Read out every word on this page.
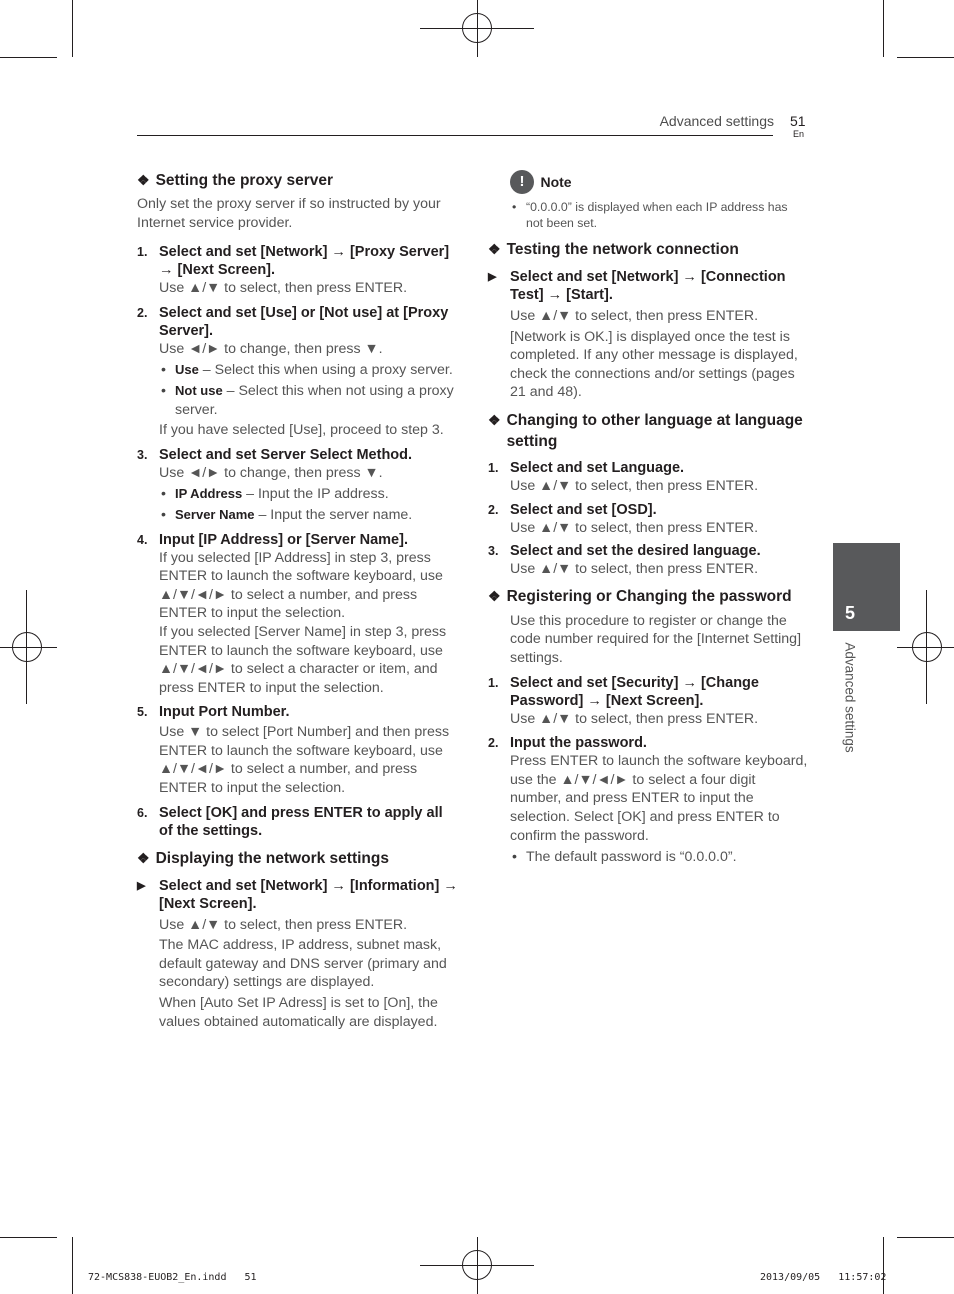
Advanced settings 51
En
5
Advanced settings
❖ Setting the proxy server
Only set the proxy server if so instructed by your Internet service provider.
1. Select and set [Network] → [Proxy Server] → [Next Screen].
Use ▲/▼ to select, then press ENTER.
2. Select and set [Use] or [Not use] at [Proxy Server].
Use ◄/► to change, then press ▼.
• Use – Select this when using a proxy server.
• Not use – Select this when not using a proxy server.
If you have selected [Use], proceed to step 3.
3. Select and set Server Select Method.
Use ◄/► to change, then press ▼.
• IP Address – Input the IP address.
• Server Name – Input the server name.
4. Input [IP Address] or [Server Name].
If you selected [IP Address] in step 3, press ENTER to launch the software keyboard, use ▲/▼/◄/► to select a number, and press ENTER to input the selection.
If you selected [Server Name] in step 3, press ENTER to launch the software keyboard, use ▲/▼/◄/► to select a character or item, and press ENTER to input the selection.
5. Input Port Number.
Use ▼ to select [Port Number] and then press ENTER to launch the software keyboard, use ▲/▼/◄/► to select a number, and press ENTER to input the selection.
6. Select [OK] and press ENTER to apply all of the settings.
❖ Displaying the network settings
▶ Select and set [Network] → [Information] → [Next Screen].
Use ▲/▼ to select, then press ENTER.
The MAC address, IP address, subnet mask, default gateway and DNS server (primary and secondary) settings are displayed.
When [Auto Set IP Adress] is set to [On], the values obtained automatically are displayed.
! Note
• “0.0.0.0” is displayed when each IP address has not been set.
❖ Testing the network connection
▶ Select and set [Network] → [Connection Test] → [Start].
Use ▲/▼ to select, then press ENTER.
[Network is OK.] is displayed once the test is completed. If any other message is displayed, check the connections and/or settings (pages 21 and 48).
❖ Changing to other language at language setting
1. Select and set Language.
Use ▲/▼ to select, then press ENTER.
2. Select and set [OSD].
Use ▲/▼ to select, then press ENTER.
3. Select and set the desired language.
Use ▲/▼ to select, then press ENTER.
❖ Registering or Changing the password
Use this procedure to register or change the code number required for the [Internet Setting] settings.
1. Select and set [Security] → [Change Password] → [Next Screen].
Use ▲/▼ to select, then press ENTER.
2. Input the password.
Press ENTER to launch the software keyboard, use the ▲/▼/◄/► to select a four digit number, and press ENTER to input the selection. Select [OK] and press ENTER to confirm the password.
• The default password is “0.0.0.0”.
72-MCS838-EUOB2_En.indd   51	2013/09/05   11:57:02
